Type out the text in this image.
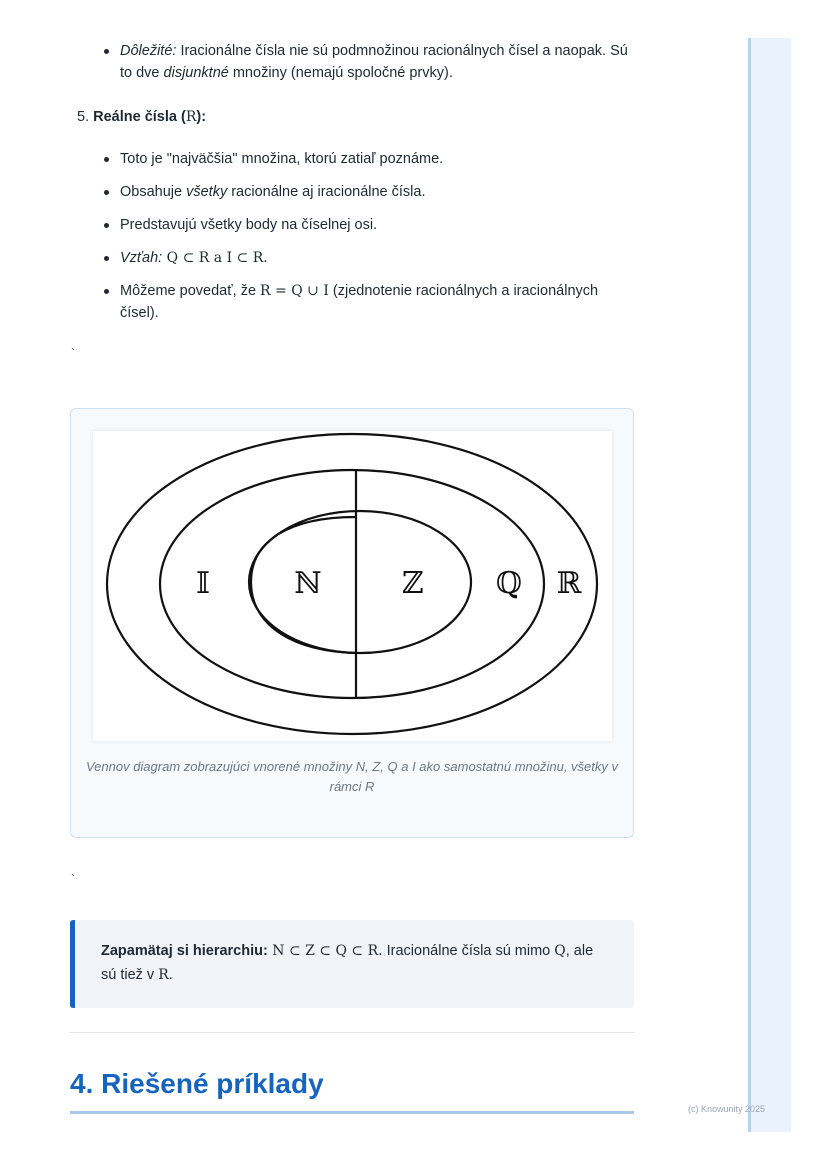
(c) Knowunity 2025
Dôležité: Iracionálne čísla nie sú podmnožinou racionálnych čísel a naopak. Sú to dve disjunktné množiny (nemajú spoločné prvky).
5. Reálne čísla (R):
Toto je "najväčšia" množina, ktorú zatiaľ poznáme.
Obsahuje všetky racionálne aj iracionálne čísla.
Predstavujú všetky body na číselnej osi.
Vzťah: Q ⊂ R a I ⊂ R.
Môžeme povedať, že R = Q ∪ I (zjednotenie racionálnych a iracionálnych čísel).
`
𝕀	ℕ	ℤ ℚ ℝ
Vennov diagram zobrazujúci vnorené množiny N, Z, Q a I ako samostatnú množinu, všetky v rámci R
`
Zapamätaj si hierarchiu: N ⊂ Z ⊂ Q ⊂ R. Iracionálne čísla sú mimo Q, ale sú tiež v R.
4. Riešené príklady
